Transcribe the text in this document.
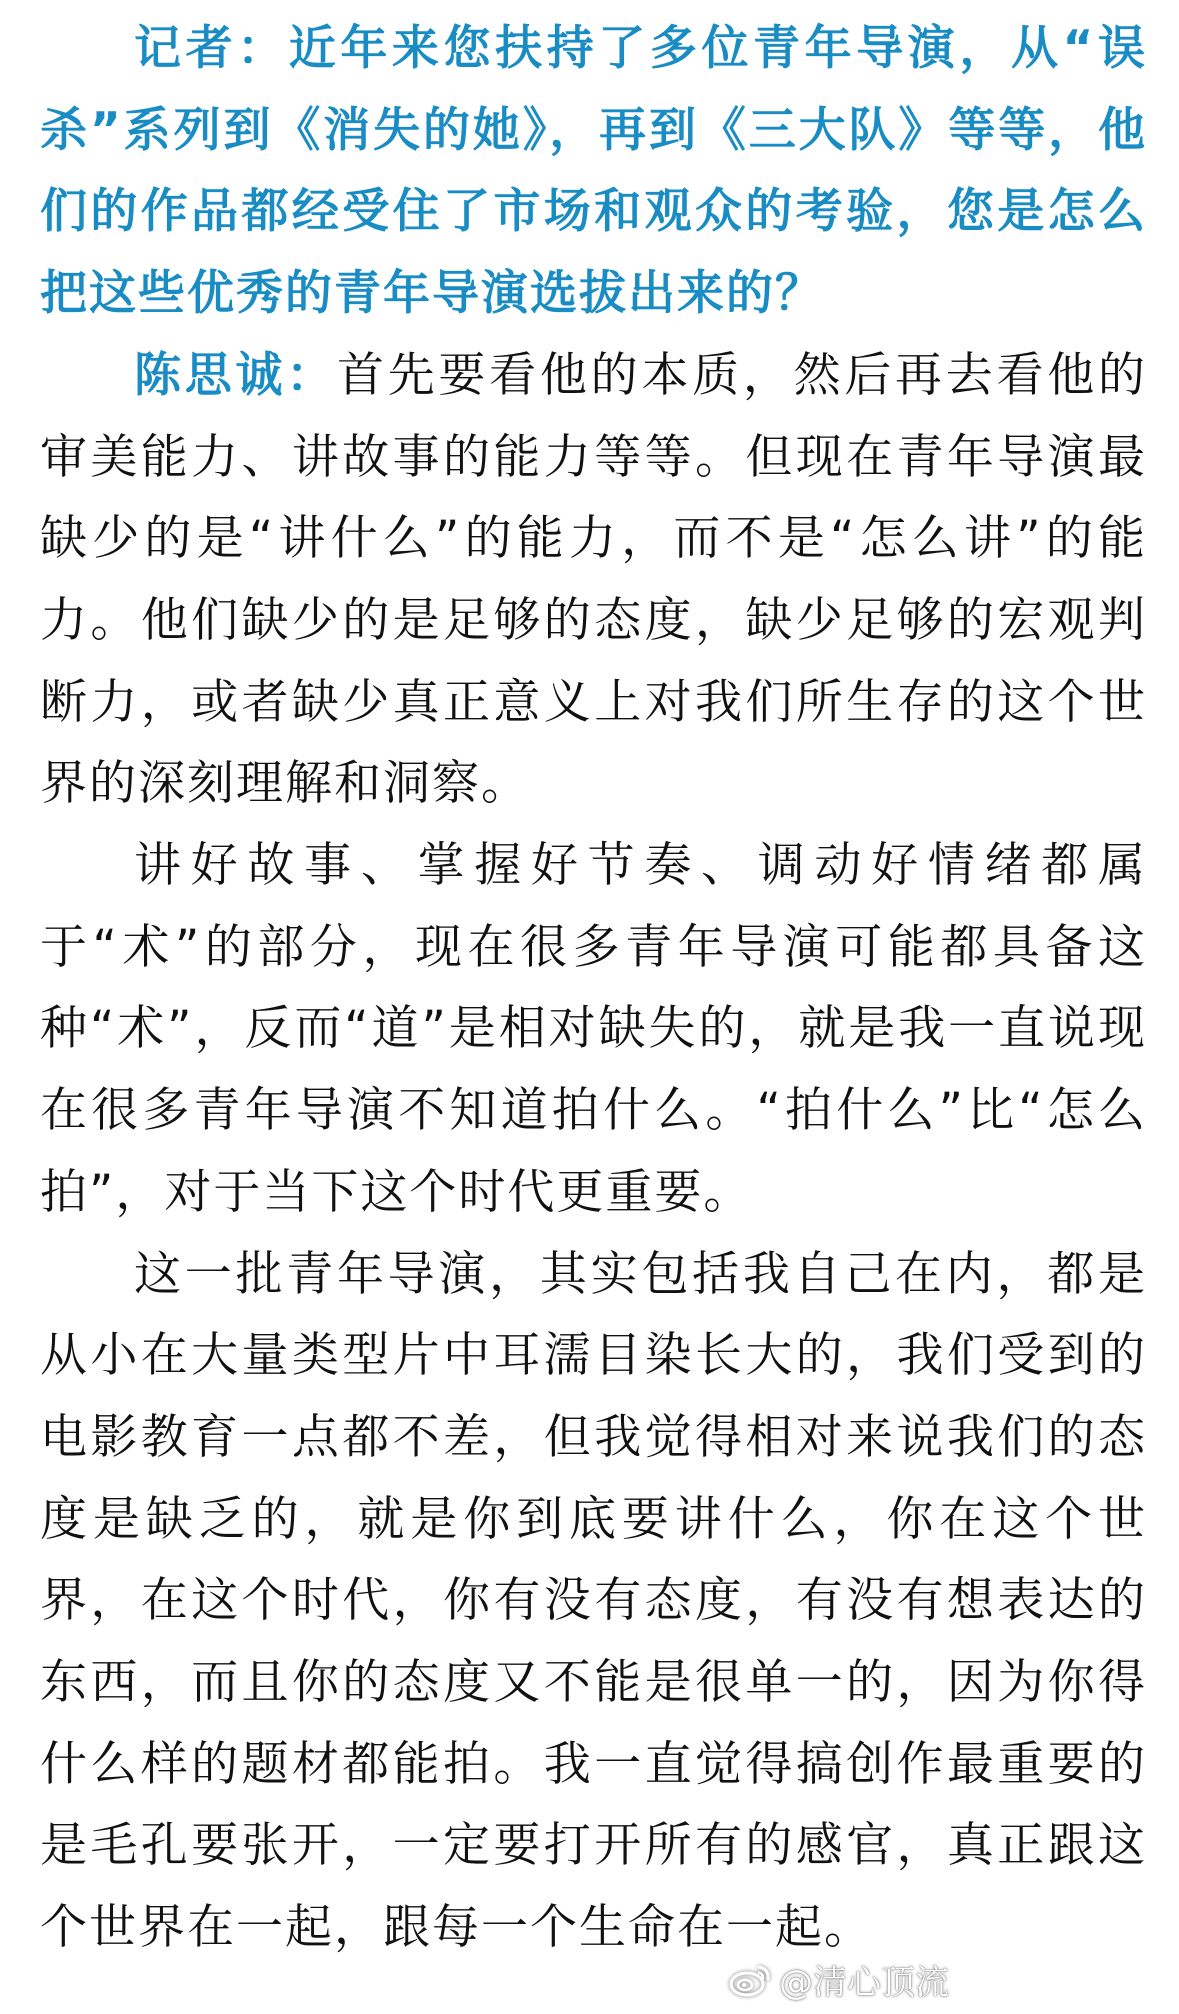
记者：近年来您扶持了多位青年导演，从“误杀”系列到《消失的她》，再到《三大队》等等，他们的作品都经受住了市场和观众的考验，您是怎么把这些优秀的青年导演选拔出来的？

陈思诚：首先要看他的本质，然后再去看他的审美能力、讲故事的能力等等。但现在青年导演最缺少的是“讲什么”的能力，而不是“怎么讲”的能力。他们缺少的是足够的态度，缺少足够的宏观判断力，或者缺少真正意义上对我们所生存的这个世界的深刻理解和洞察。

讲好故事、掌握好节奏、调动好情绪都属于“术”的部分，现在很多青年导演可能都具备这种“术”，反而“道”是相对缺失的，就是我一直说现在很多青年导演不知道拍什么。“拍什么”比“怎么拍”，对于当下这个时代更重要。

这一批青年导演，其实包括我自己在内，都是从小在大量类型片中耳濡目染长大的，我们受到的电影教育一点都不差，但我觉得相对来说我们的态度是缺乏的，就是你到底要讲什么，你在这个世界，在这个时代，你有没有态度，有没有想表达的东西，而且你的态度又不能是很单一的，因为你得什么样的题材都能拍。我一直觉得搞创作最重要的是毛孔要张开，一定要打开所有的感官，真正跟这个世界在一起，跟每一个生命在一起。

@清心顶流
